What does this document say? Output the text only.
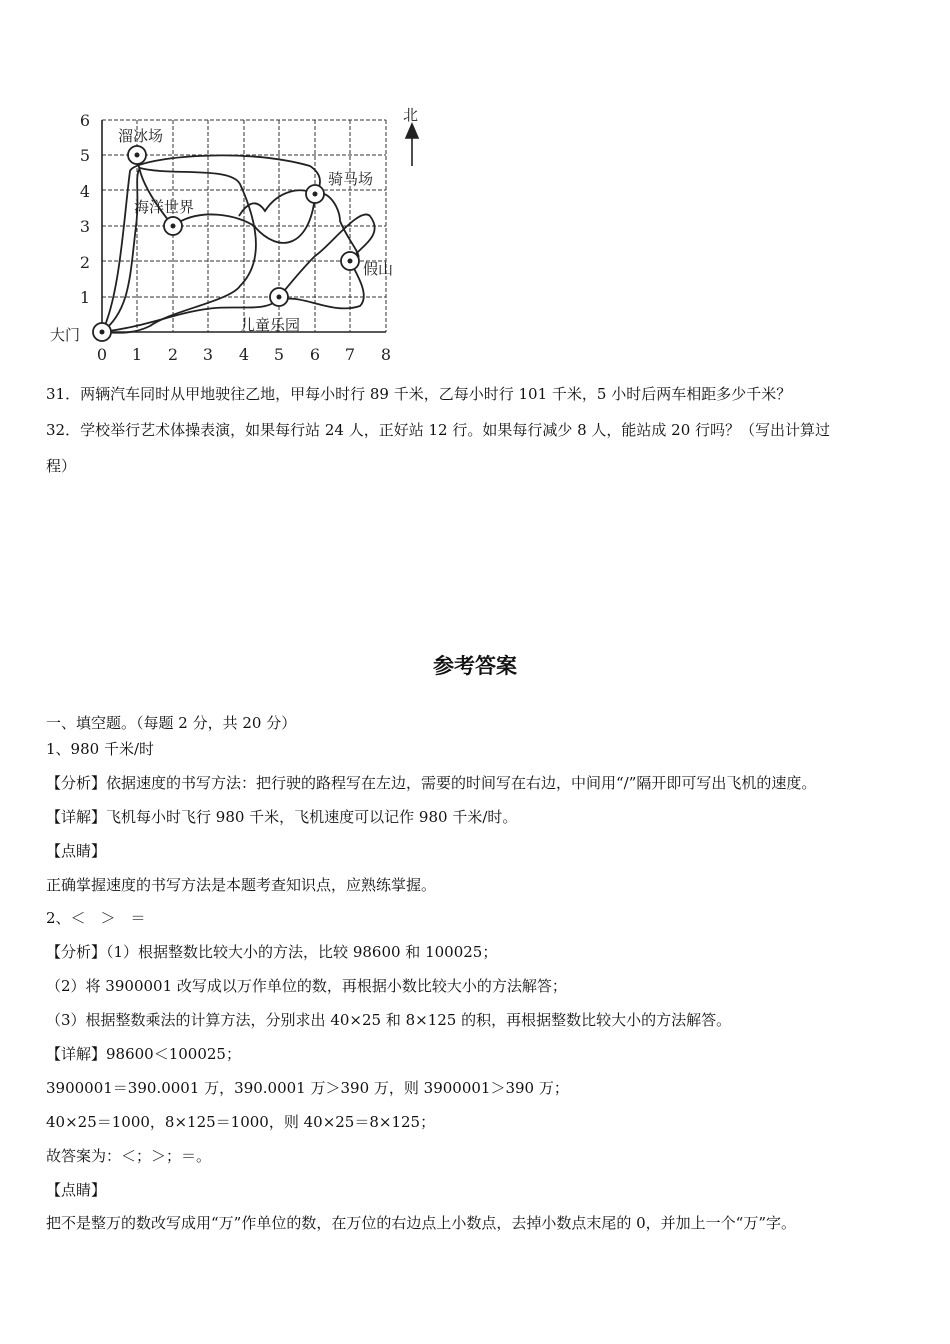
北
6
5
4
3
2
1
0 1 2 3 4 5 6 7 8
溜冰场
骑马场
海洋世界
假山
儿童乐园
大门
31．两辆汽车同时从甲地驶往乙地，甲每小时行 89 千米，乙每小时行 101 千米，5 小时后两车相距多少千米？
32．学校举行艺术体操表演，如果每行站 24 人，正好站 12 行。如果每行减少 8 人，能站成 20 行吗？（写出计算过
程）
参考答案
一、填空题。（每题 2 分，共 20 分）
1、980 千米/时
【分析】依据速度的书写方法：把行驶的路程写在左边，需要的时间写在右边，中间用“/”隔开即可写出飞机的速度。
【详解】飞机每小时飞行 980 千米，飞机速度可以记作 980 千米/时。
【点睛】
正确掌握速度的书写方法是本题考查知识点，应熟练掌握。
2、＜　＞　＝
【分析】（1）根据整数比较大小的方法，比较 98600 和 100025；
（2）将 3900001 改写成以万作单位的数，再根据小数比较大小的方法解答；
（3）根据整数乘法的计算方法，分别求出 40×25 和 8×125 的积，再根据整数比较大小的方法解答。
【详解】98600＜100025；
3900001＝390.0001 万，390.0001 万＞390 万，则 3900001＞390 万；
40×25＝1000，8×125＝1000，则 40×25＝8×125；
故答案为：＜；＞；＝。
【点睛】
把不是整万的数改写成用“万”作单位的数，在万位的右边点上小数点，去掉小数点末尾的 0，并加上一个“万”字。
